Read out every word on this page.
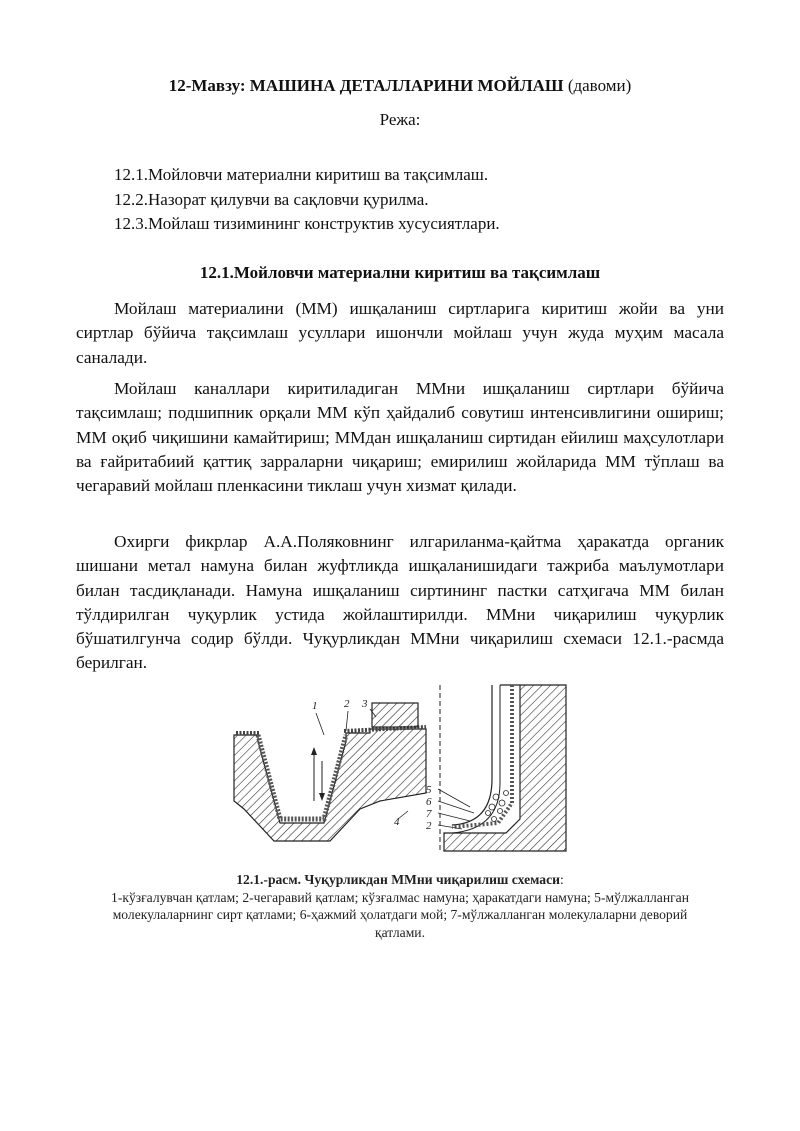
12-Мавзу: МАШИНА ДЕТАЛЛАРИНИ МОЙЛАШ (давоми)
Режа:
12.1.Мойловчи материални киритиш ва тақсимлаш.
12.2.Назорат қилувчи ва сақловчи қурилма.
12.3.Мойлаш тизимининг конструктив хусусиятлари.
12.1.Мойловчи материални киритиш ва тақсимлаш

Мойлаш материалини (ММ) ишқаланиш сиртларига киритиш жойи ва уни сиртлар бўйича тақсимлаш усуллари ишончли мойлаш учун жуда муҳим масала саналади.

Мойлаш каналлари киритиладиган ММни ишқаланиш сиртлари бўйича тақсимлаш; подшипник орқали ММ кўп ҳайдалиб совутиш интенсивлигини ошириш; ММ оқиб чиқишини камайтириш; ММдан ишқаланиш сиртидан ейилиш маҳсулотлари ва ғайритабиий қаттиқ зарраларни чиқариш; емирилиш жойларида ММ тўплаш ва чегаравий мойлаш пленкасини тиклаш учун хизмат қилади.

Охирги фикрлар А.А.Поляковнинг илгариланма-қайтма ҳаракатда органик шишани метал намуна билан жуфтликда ишқаланишидаги тажриба маълумотлари билан тасдиқланади. Намуна ишқаланиш сиртининг пастки сатҳигача ММ билан тўлдирилган чуқурлик устида жойлаштирилди. ММни чиқарилиш чуқурлик бўшатилгунча содир бўлди. Чуқурликдан ММни чиқарилиш схемаси 12.1.-расмда берилган.

1 2 3
4
5
6
7
2
12.1.-расм. Чуқурликдан ММни чиқарилиш схемаси:
1-кўзғалувчан қатлам; 2-чегаравий қатлам; кўзғалмас намуна; ҳаракатдаги намуна; 5-мўлжалланган молекулаларнинг сирт қатлами; 6-ҳажмий ҳолатдаги мой; 7-мўлжалланган молекулаларни деворий қатлами.
